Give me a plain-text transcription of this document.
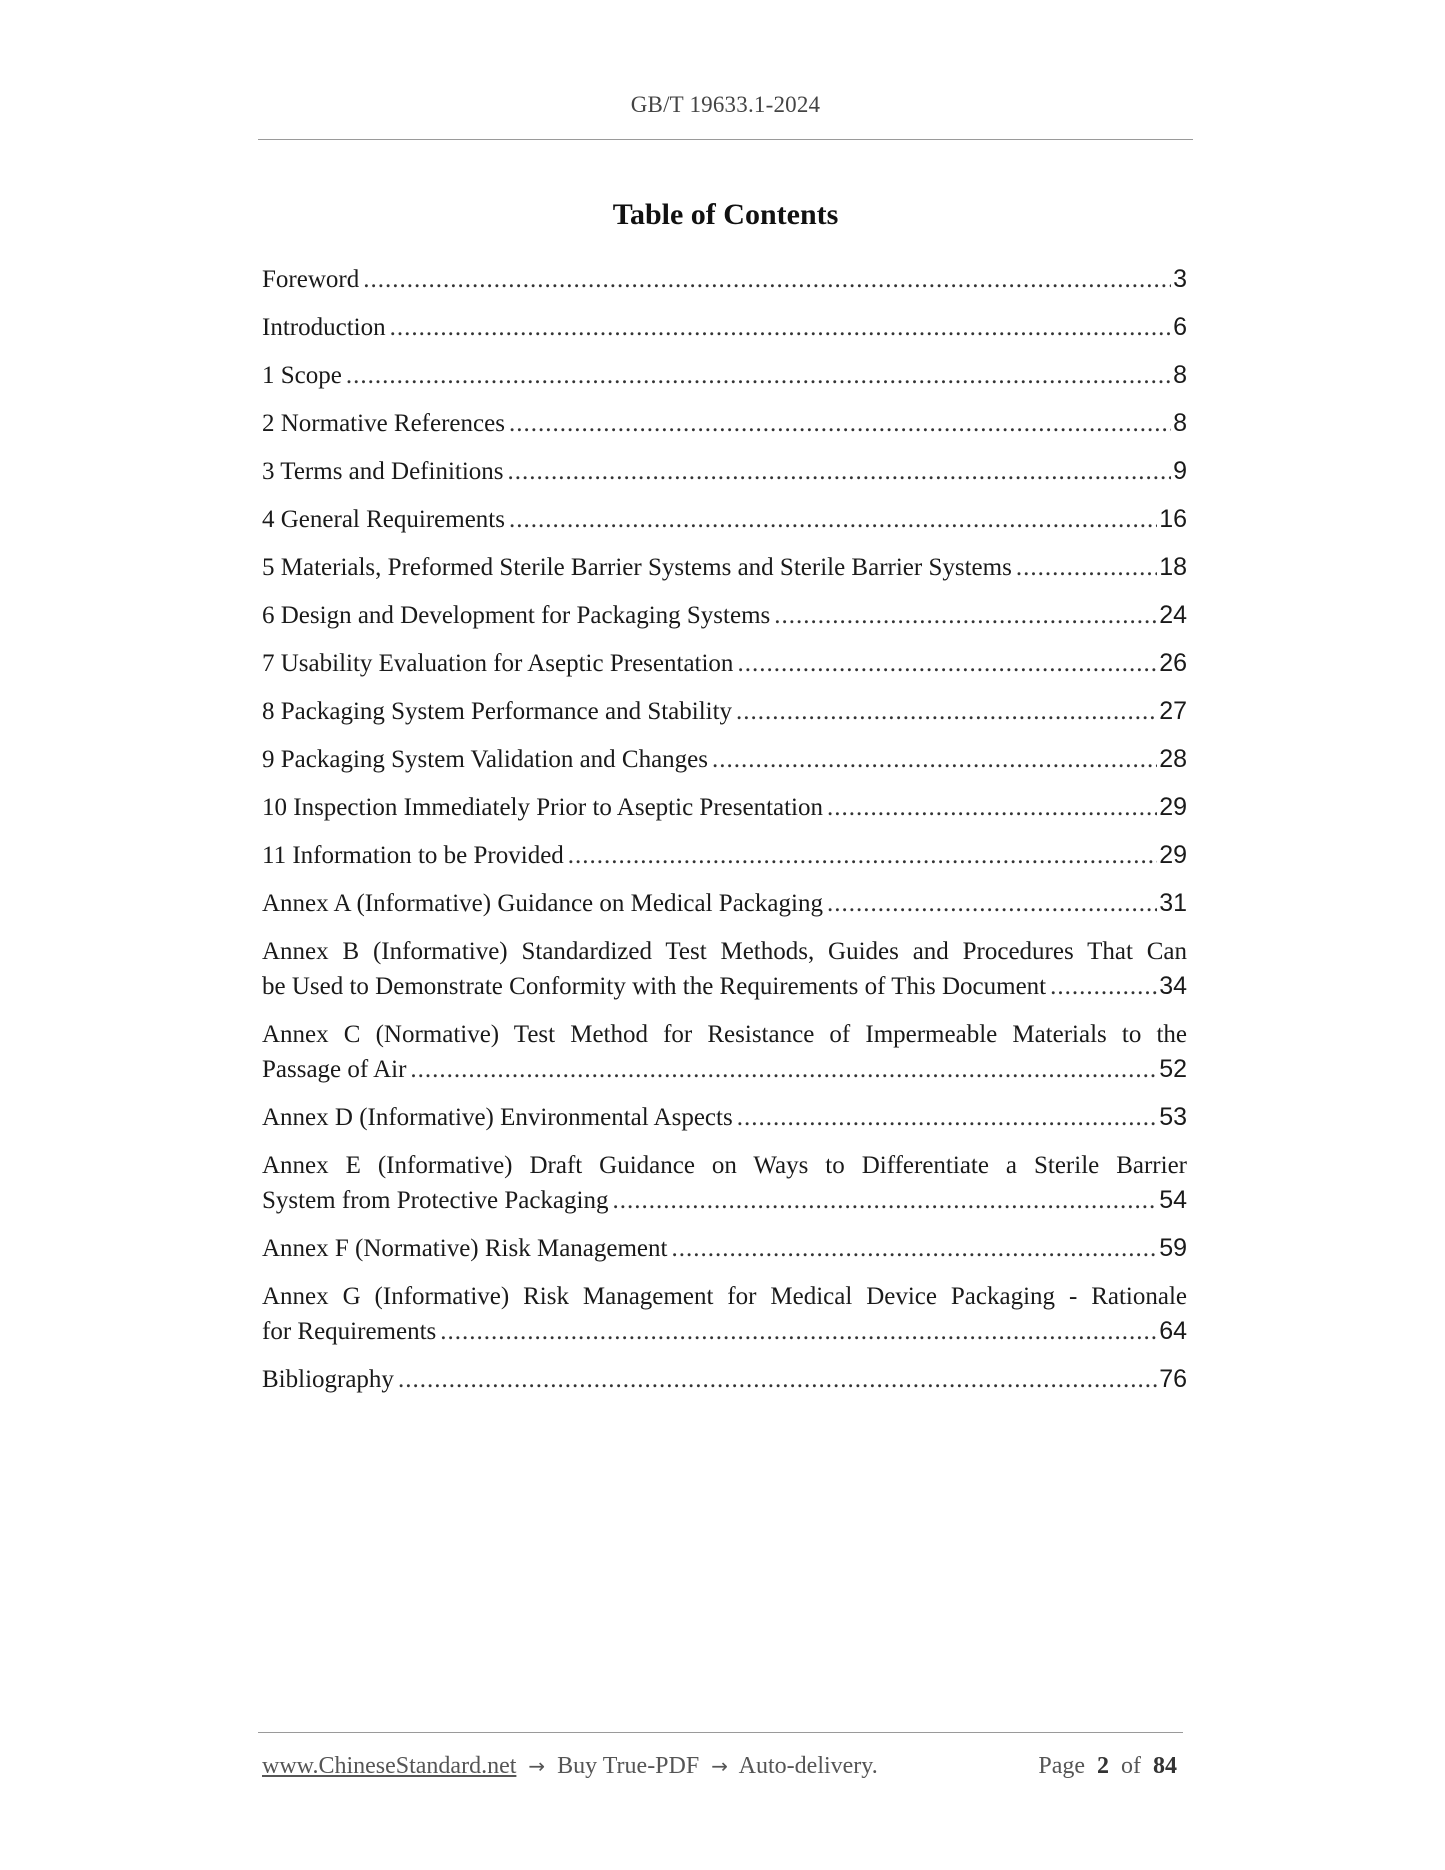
GB/T 19633.1-2024
Table of Contents
Foreword .....	3
Introduction .....	6
1 Scope .....	8
2 Normative References .....	8
3 Terms and Definitions .....	9
4 General Requirements .....	16
5 Materials, Preformed Sterile Barrier Systems and Sterile Barrier Systems .....	18
6 Design and Development for Packaging Systems .....	24
7 Usability Evaluation for Aseptic Presentation .....	26
8 Packaging System Performance and Stability .....	27
9 Packaging System Validation and Changes .....	28
10 Inspection Immediately Prior to Aseptic Presentation .....	29
11 Information to be Provided .....	29
Annex A (Informative) Guidance on Medical Packaging .....	31
Annex B (Informative) Standardized Test Methods, Guides and Procedures That Can
be Used to Demonstrate Conformity with the Requirements of This Document .....	34
Annex C (Normative) Test Method for Resistance of Impermeable Materials to the
Passage of Air .....	52
Annex D (Informative) Environmental Aspects .....	53
Annex E (Informative) Draft Guidance on Ways to Differentiate a Sterile Barrier
System from Protective Packaging .....	54
Annex F (Normative) Risk Management .....	59
Annex G (Informative) Risk Management for Medical Device Packaging - Rationale
for Requirements .....	64
Bibliography .....	76
www.ChineseStandard.net → Buy True-PDF → Auto-delivery.	Page 2 of 84
